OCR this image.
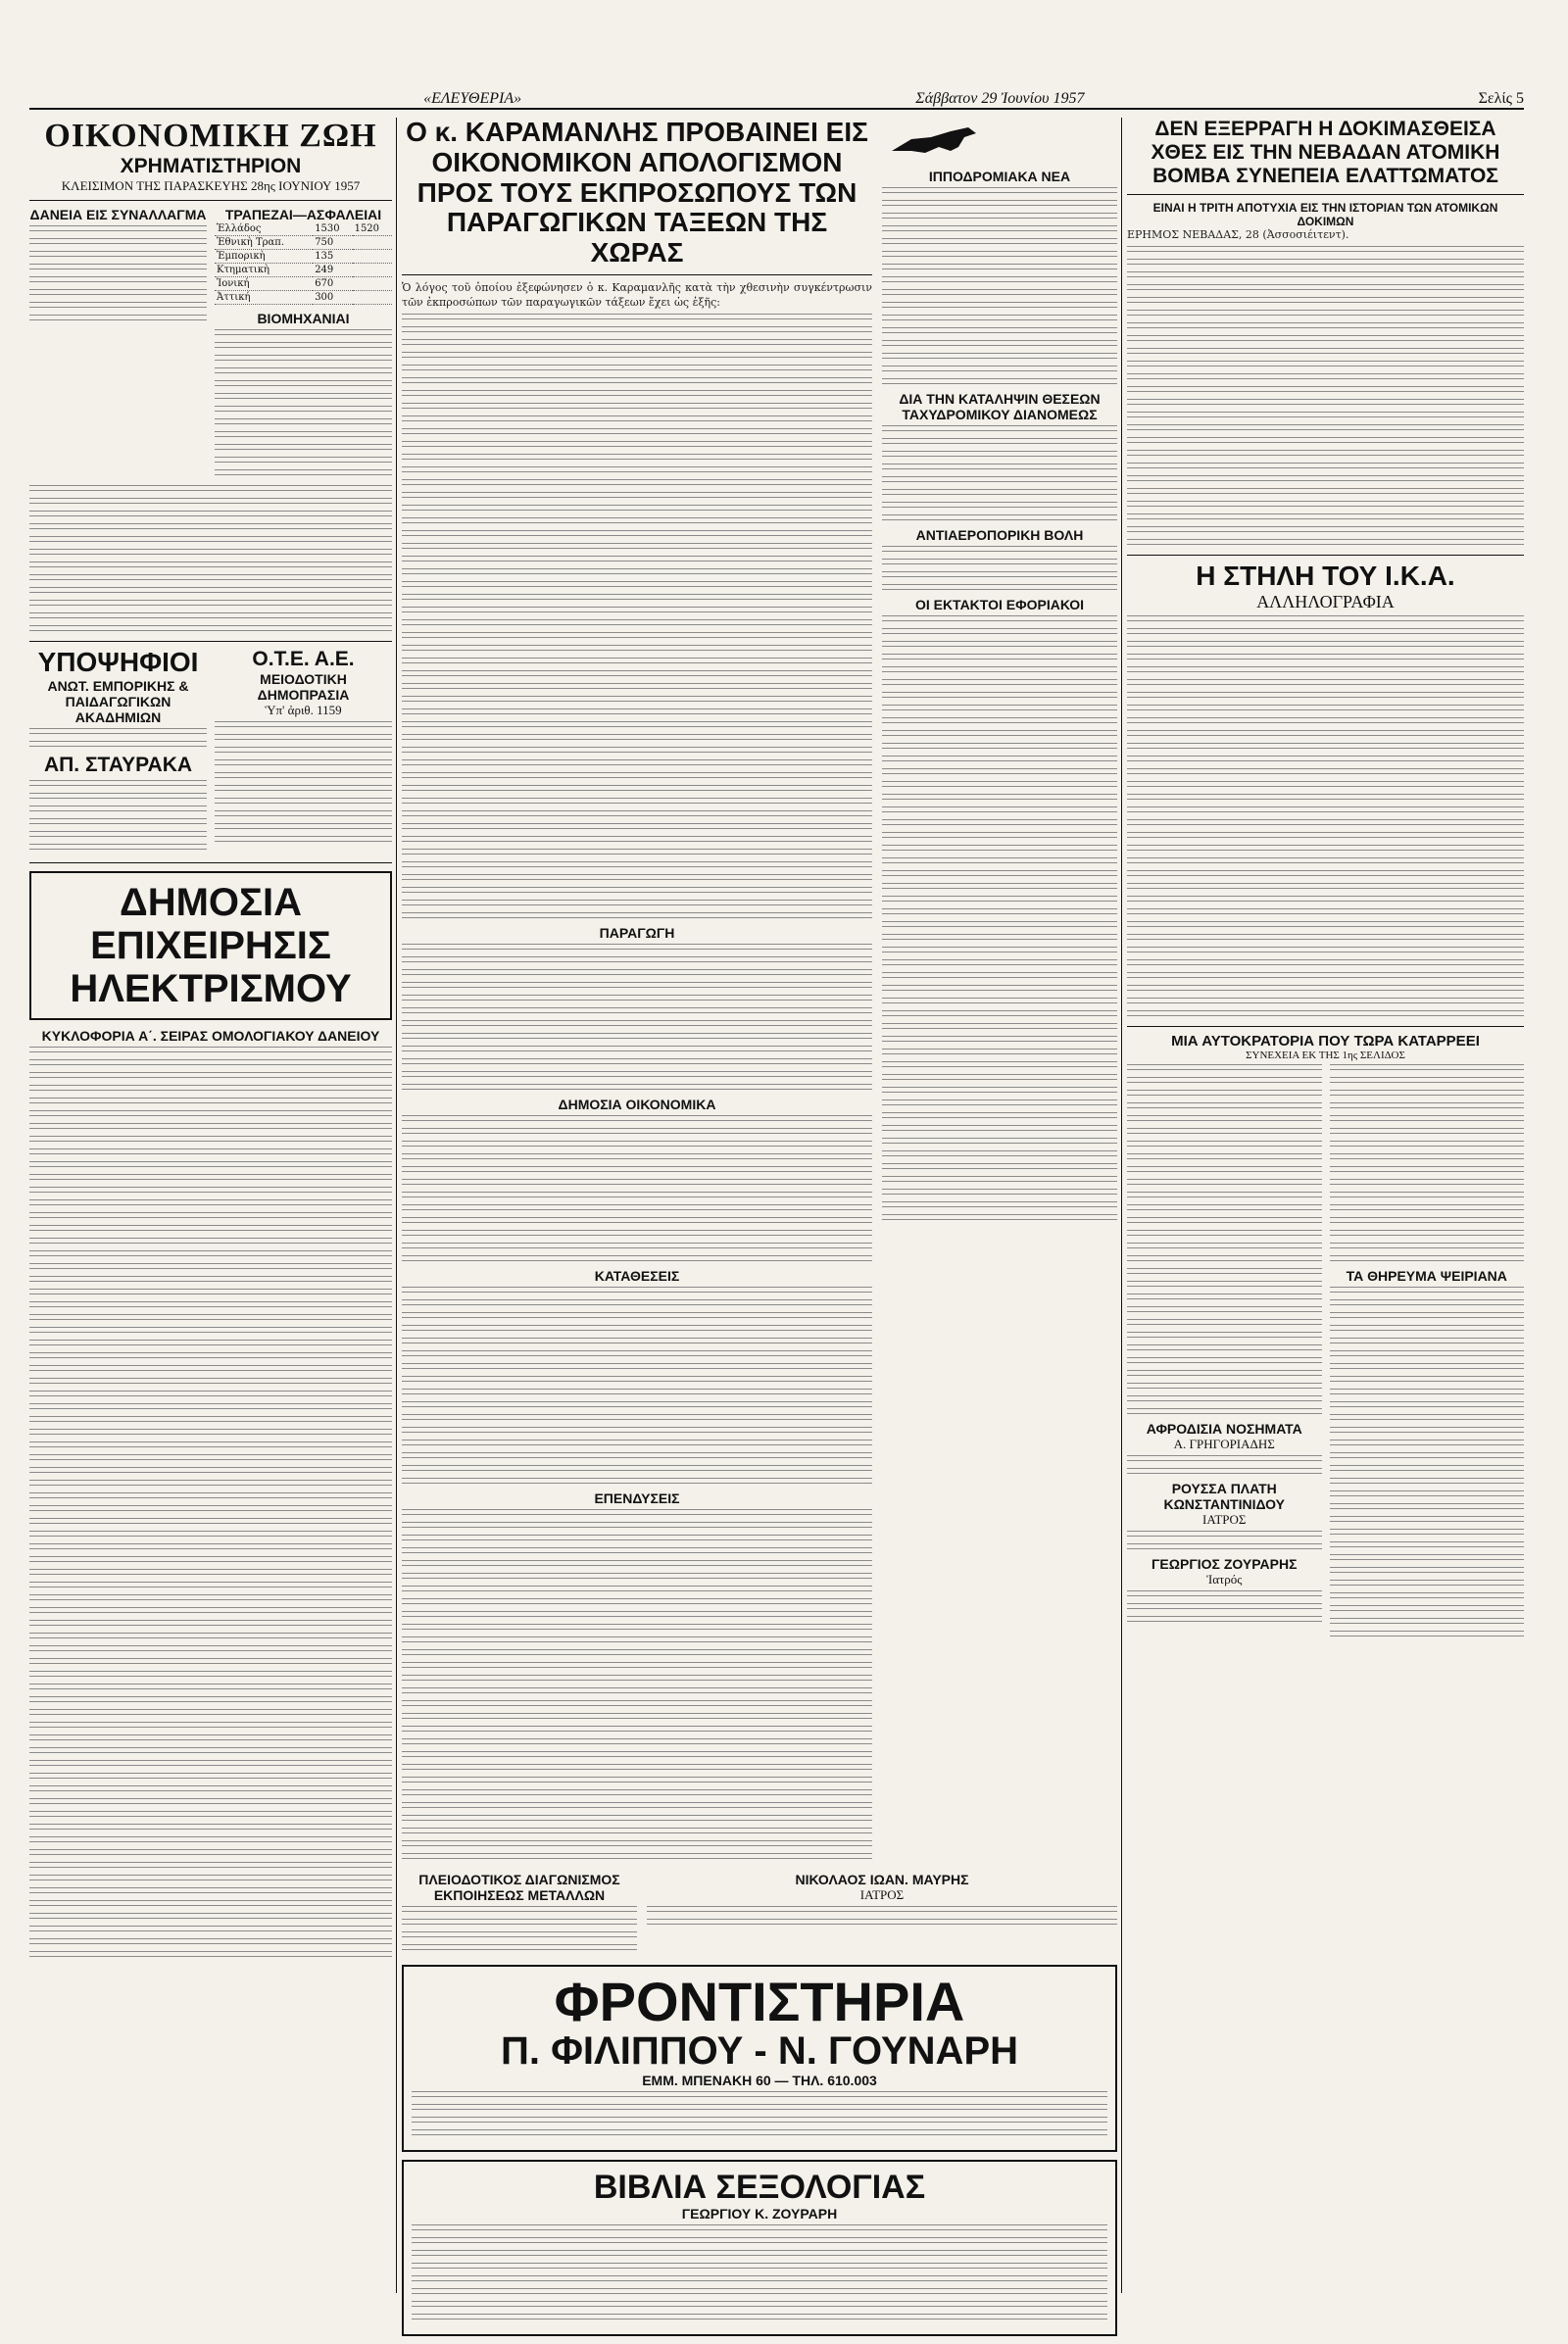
«ΕΛΕΥΘΕΡΙΑ»	Σάββατον 29 Ἰουνίου 1957	Σελίς 5
ΟΙΚΟΝΟΜΙΚΗ ΖΩΗ
ΧΡΗΜΑΤΙΣΤΗΡΙΟΝ
ΚΛΕΙΣΙΜΟΝ ΤΗΣ ΠΑΡΑΣΚΕΥΗΣ 28ης ΙΟΥΝΙΟΥ 1957
ΔΑΝΕΙΑ ΕΙΣ ΣΥΝΑΛΛΑΓΜΑ	ΤΡΑΠΕΖΑΙ—ΑΣΦΑΛΕΙΑΙ
Ἑλλάδος	1530	1520
Ἐθνικὴ Τραπ.	750	
Ἐμπορικὴ	135	
Κτηματικὴ	249	
Ἰονική	670	
Ἀττική	300	
ΒΙΟΜΗΧΑΝΙΑΙ
ΥΠΟΨΗΦΙΟΙ
ΑΝΩΤ. ΕΜΠΟΡΙΚΗΣ & ΠΑΙΔΑΓΩΓΙΚΩΝ ΑΚΑΔΗΜΙΩΝ
ΑΠ. ΣΤΑΥΡΑΚΑ
Ο.Τ.Ε. Α.Ε.
ΜΕΙΟΔΟΤΙΚΗ ΔΗΜΟΠΡΑΣΙΑ
Ὑπ' ἀριθ. 1159
ΔΗΜΟΣΙΑ ΕΠΙΧΕΙΡΗΣΙΣ
ΗΛΕΚΤΡΙΣΜΟΥ
ΚΥΚΛΟΦΟΡΙΑ Α΄. ΣΕΙΡΑΣ ΟΜΟΛΟΓΙΑΚΟΥ ΔΑΝΕΙΟΥ
Ο κ. ΚΑΡΑΜΑΝΛΗΣ ΠΡΟΒΑΙΝΕΙ ΕΙΣ ΟΙΚΟΝΟΜΙΚΟΝ ΑΠΟΛΟΓΙΣΜΟΝ ΠΡΟΣ ΤΟΥΣ ΕΚΠΡΟΣΩΠΟΥΣ ΤΩΝ ΠΑΡΑΓΩΓΙΚΩΝ ΤΑΞΕΩΝ ΤΗΣ ΧΩΡΑΣ
Ὁ λόγος τοῦ ὁποίου ἐξεφώνησεν ὁ κ. Καραμανλῆς κατὰ τὴν χθεσινὴν συγκέντρωσιν τῶν ἐκπροσώπων τῶν παραγωγικῶν τάξεων ἔχει ὡς ἑξῆς:
ΠΑΡΑΓΩΓΗ
ΔΗΜΟΣΙΑ ΟΙΚΟΝΟΜΙΚΑ
ΚΑΤΑΘΕΣΕΙΣ
ΕΠΕΝΔΥΣΕΙΣ
ΙΠΠΟΔΡΟΜΙΑΚΑ ΝΕΑ
ΔΙΑ ΤΗΝ ΚΑΤΑΛΗΨΙΝ ΘΕΣΕΩΝ ΤΑΧΥΔΡΟΜΙΚΟΥ ΔΙΑΝΟΜΕΩΣ
ΑΝΤΙΑΕΡΟΠΟΡΙΚΗ ΒΟΛΗ
ΟΙ ΕΚΤΑΚΤΟΙ ΕΦΟΡΙΑΚΟΙ
ΠΛΕΙΟΔΟΤΙΚΟΣ ΔΙΑΓΩΝΙΣΜΟΣ ΕΚΠΟΙΗΣΕΩΣ ΜΕΤΑΛΛΩΝ
ΝΙΚΟΛΑΟΣ ΙΩΑΝ. ΜΑΥΡΗΣ
ΙΑΤΡΟΣ
ΦΡΟΝΤΙΣΤΗΡΙΑ
Π. ΦΙΛΙΠΠΟΥ - Ν. ΓΟΥΝΑΡΗ
ΕΜΜ. ΜΠΕΝΑΚΗ 60 — ΤΗΛ. 610.003
ΒΙΒΛΙΑ ΣΕΞΟΛΟΓΙΑΣ
ΓΕΩΡΓΙΟΥ Κ. ΖΟΥΡΑΡΗ
ΔΕΝ ΕΞΕΡΡΑΓΗ Η ΔΟΚΙΜΑΣΘΕΙΣΑ ΧΘΕΣ ΕΙΣ ΤΗΝ ΝΕΒΑΔΑΝ ΑΤΟΜΙΚΗ ΒΟΜΒΑ ΣΥΝΕΠΕΙΑ ΕΛΑΤΤΩΜΑΤΟΣ
ΕΙΝΑΙ Η ΤΡΙΤΗ ΑΠΟΤΥΧΙΑ ΕΙΣ ΤΗΝ ΙΣΤΟΡΙΑΝ ΤΩΝ ΑΤΟΜΙΚΩΝ ΔΟΚΙΜΩΝ
ΕΡΗΜΟΣ ΝΕΒΑΔΑΣ, 28 (Ἀσσοσιέιτεντ).
Η ΣΤΗΛΗ ΤΟΥ Ι.Κ.Α.
ΑΛΛΗΛΟΓΡΑΦΙΑ
ΜΙΑ ΑΥΤΟΚΡΑΤΟΡΙΑ ΠΟΥ ΤΩΡΑ ΚΑΤΑΡΡΕΕΙ
ΣΥΝΕΧΕΙΑ ΕΚ ΤΗΣ 1ης ΣΕΛΙΔΟΣ
ΑΦΡΟΔΙΣΙΑ ΝΟΣΗΜΑΤΑ
Α. ΓΡΗΓΟΡΙΑΔΗΣ
ΡΟΥΣΣΑ ΠΛΑΤΗ ΚΩΝΣΤΑΝΤΙΝΙΔΟΥ
ΙΑΤΡΟΣ
ΓΕΩΡΓΙΟΣ ΖΟΥΡΑΡΗΣ
Ἰατρός
ΤΑ ΘΗΡΕΥΜΑ ΨΕΙΡΙΑΝΑ
